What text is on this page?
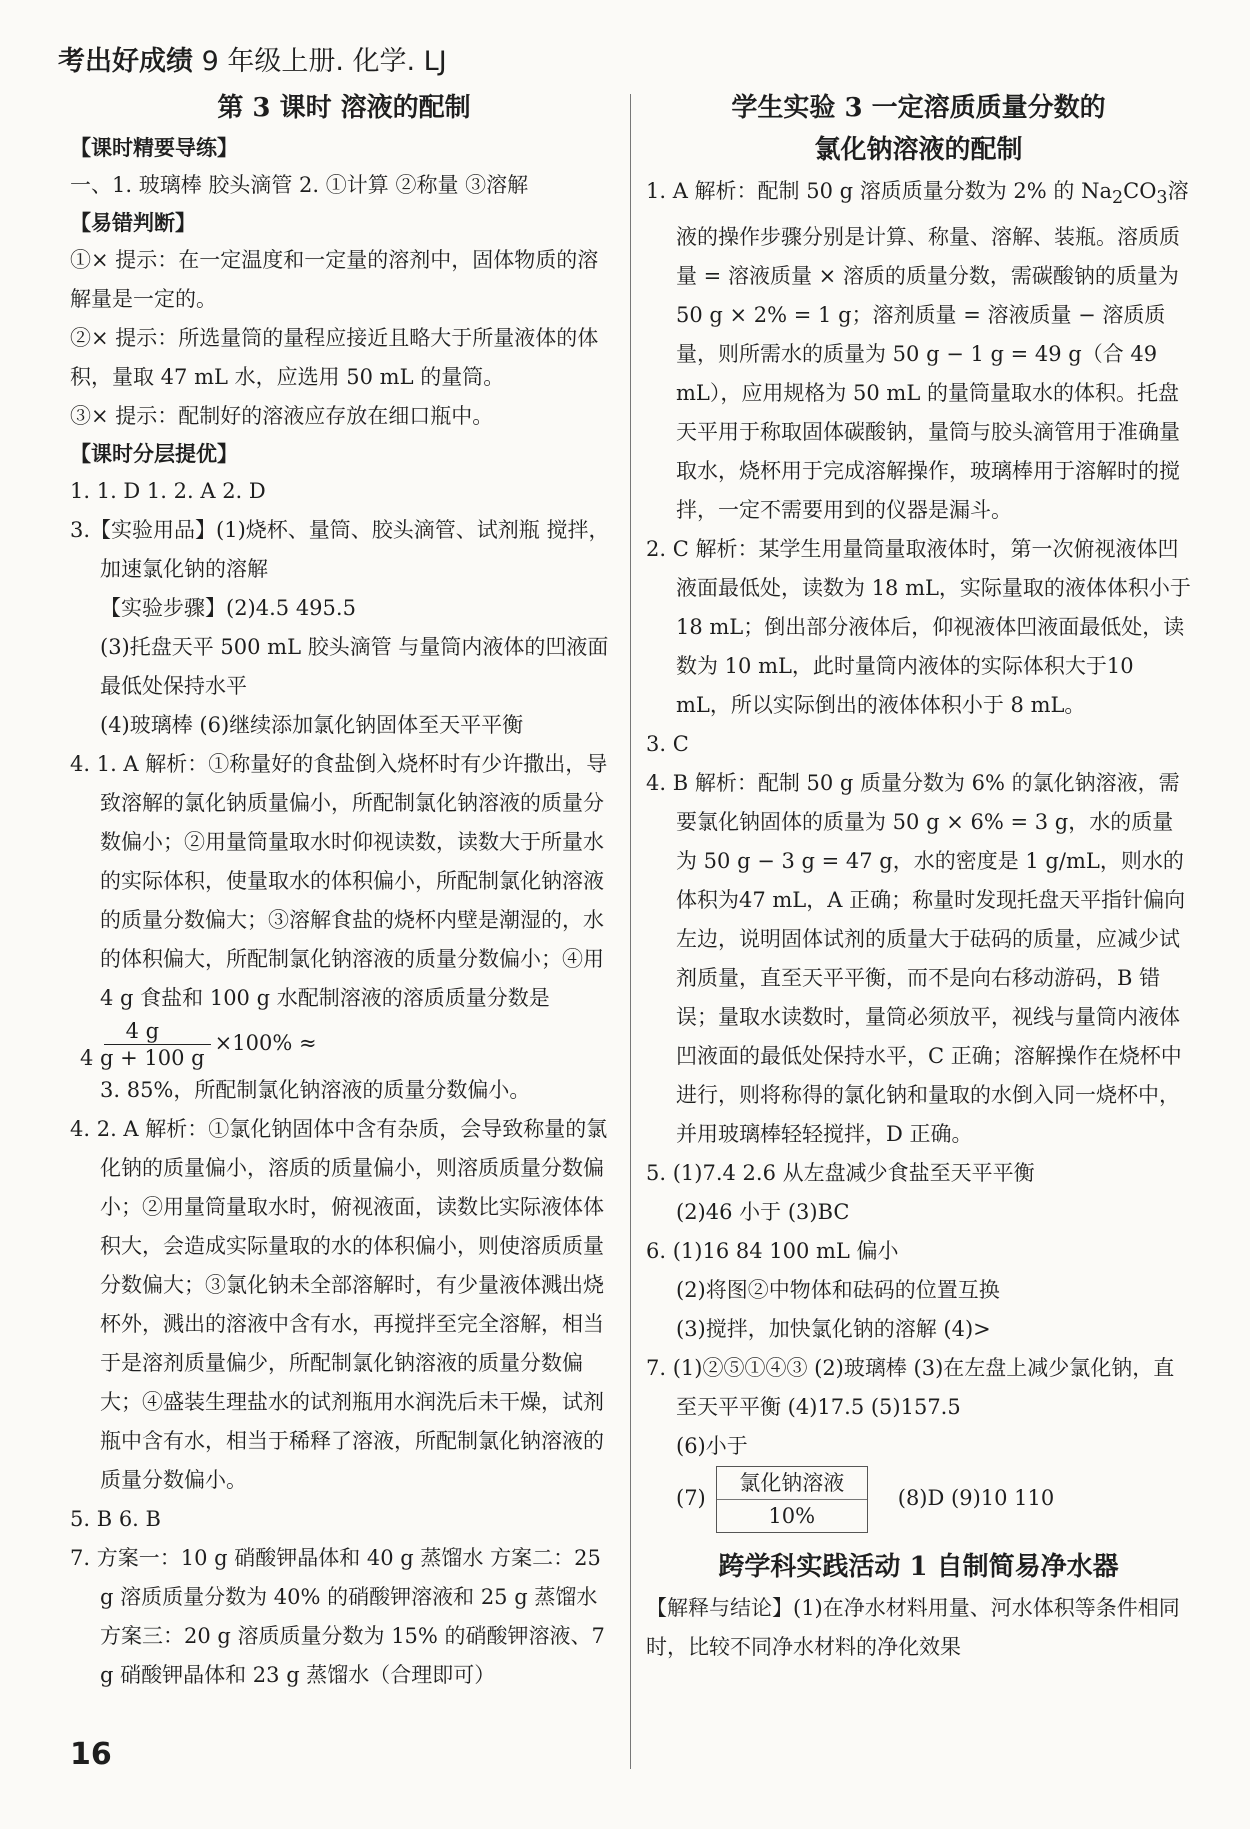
考出好成绩 9 年级上册. 化学. LJ
第 3 课时 溶液的配制
【课时精要导练】

一、1. 玻璃棒 胶头滴管 2. ①计算 ②称量 ③溶解

【易错判断】

①× 提示：在一定温度和一定量的溶剂中，固体物质的溶解量是一定的。

②× 提示：所选量筒的量程应接近且略大于所量液体的体积，量取 47 mL 水，应选用 50 mL 的量筒。

③× 提示：配制好的溶液应存放在细口瓶中。

【课时分层提优】

1. 1. D 1. 2. A 2. D

3.【实验用品】(1)烧杯、量筒、胶头滴管、试剂瓶 搅拌，加速氯化钠的溶解

【实验步骤】(2)4.5 495.5

(3)托盘天平 500 mL 胶头滴管 与量筒内液体的凹液面最低处保持水平

(4)玻璃棒 (6)继续添加氯化钠固体至天平平衡

4. 1. A 解析：①称量好的食盐倒入烧杯时有少许撒出，导致溶解的氯化钠质量偏小，所配制氯化钠溶液的质量分数偏小；②用量筒量取水时仰视读数，读数大于所量水的实际体积，使量取水的体积偏小，所配制氯化钠溶液的质量分数偏大；③溶解食盐的烧杯内壁是潮湿的，水的体积偏大，所配制氯化钠溶液的质量分数偏小；④用 4 g 食盐和 100 g 水配制溶液的溶质质量分数是
$\frac{4 g}{4 g + 100 g} \times 100\%$ ≈

3. 85%，所配制氯化钠溶液的质量分数偏小。

4. 2. A 解析：①氯化钠固体中含有杂质，会导致称量的氯化钠的质量偏小，溶质的质量偏小，则溶质质量分数偏小；②用量筒量取水时，俯视液面，读数比实际液体体积大，会造成实际量取的水的体积偏小，则使溶质质量分数偏大；③氯化钠未全部溶解时，有少量液体溅出烧杯外，溅出的溶液中含有水，再搅拌至完全溶解，相当于是溶剂质量偏少，所配制氯化钠溶液的质量分数偏大；④盛装生理盐水的试剂瓶用水润洗后未干燥，试剂瓶中含有水，相当于稀释了溶液，所配制氯化钠溶液的质量分数偏小。

5. B 6. B

7. 方案一：10 g 硝酸钾晶体和 40 g 蒸馏水 方案二：25 g 溶质质量分数为 40% 的硝酸钾溶液和 25 g 蒸馏水 方案三：20 g 溶质质量分数为 15% 的硝酸钾溶液、7 g 硝酸钾晶体和 23 g 蒸馏水（合理即可）

学生实验 3 一定溶质质量分数的
氯化钠溶液的配制

1. A 解析：配制 50 g 溶质质量分数为 2% 的 $Na_2CO_3$溶液的操作步骤分别是计算、称量、溶解、装瓶。溶质质量 = 溶液质量 × 溶质的质量分数，需碳酸钠的质量为 50 g × 2% = 1 g；溶剂质量 = 溶液质量 − 溶质质量，则所需水的质量为 50 g − 1 g = 49 g（合 49 mL），应用规格为 50 mL 的量筒量取水的体积。托盘天平用于称取固体碳酸钠，量筒与胶头滴管用于准确量取水，烧杯用于完成溶解操作，玻璃棒用于溶解时的搅拌，一定不需要用到的仪器是漏斗。

2. C 解析：某学生用量筒量取液体时，第一次俯视液体凹液面最低处，读数为 18 mL，实际量取的液体体积小于 18 mL；倒出部分液体后，仰视液体凹液面最低处，读数为 10 mL，此时量筒内液体的实际体积大于10 mL，所以实际倒出的液体体积小于 8 mL。

3. C

4. B 解析：配制 50 g 质量分数为 6% 的氯化钠溶液，需要氯化钠固体的质量为 50 g × 6% = 3 g，水的质量为 50 g − 3 g = 47 g，水的密度是 1 g/mL，则水的体积为47 mL，A 正确；称量时发现托盘天平指针偏向左边，说明固体试剂的质量大于砝码的质量，应减少试剂质量，直至天平平衡，而不是向右移动游码，B 错误；量取水读数时，量筒必须放平，视线与量筒内液体凹液面的最低处保持水平，C 正确；溶解操作在烧杯中进行，则将称得的氯化钠和量取的水倒入同一烧杯中，并用玻璃棒轻轻搅拌，D 正确。

5. (1)7.4 2.6 从左盘减少食盐至天平平衡

(2)46 小于 (3)BC

6. (1)16 84 100 mL 偏小

(2)将图②中物体和砝码的位置互换

(3)搅拌，加快氯化钠的溶解 (4)>

7. (1)②⑤①④③ (2)玻璃棒 (3)在左盘上减少氯化钠，直至天平平衡 (4)17.5 (5)157.5

(6)小于

(7)
氯化钠溶液
10%
(8)D (9)10 110

跨学科实践活动 1 自制简易净水器

【解释与结论】(1)在净水材料用量、河水体积等条件相同时，比较不同净水材料的净化效果

16
